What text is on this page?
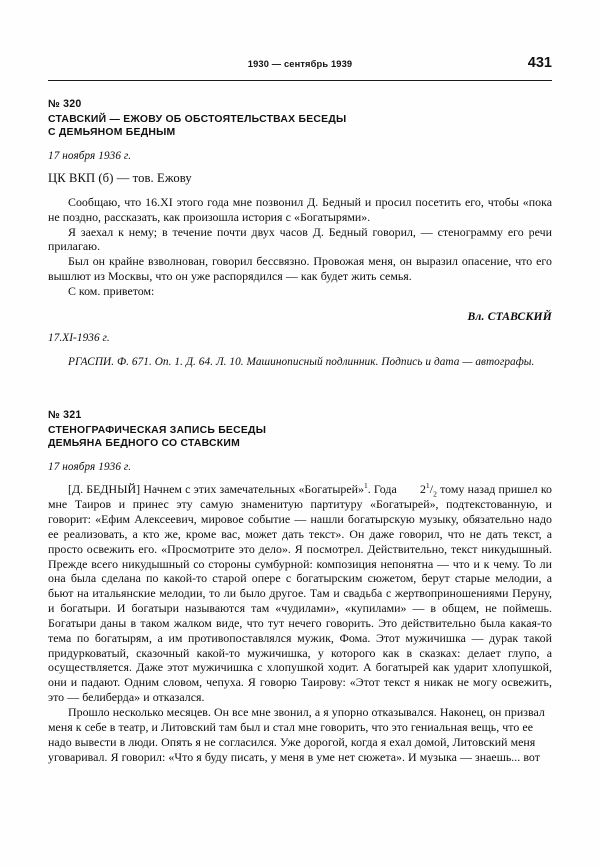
1930 — сентябрь 1939	431
№ 320
СТАВСКИЙ — ЕЖОВУ ОБ ОБСТОЯТЕЛЬСТВАХ БЕСЕДЫ
С ДЕМЬЯНОМ БЕДНЫМ
17 ноября 1936 г.
ЦК ВКП (б) — тов. Ежову

Сообщаю, что 16.XI этого года мне позвонил Д. Бедный и просил посетить его, чтобы «пока не поздно, рассказать, как произошла история с «Богатырями».

Я заехал к нему; в течение почти двух часов Д. Бедный говорил, — стенограмму его речи прилагаю.

Был он крайне взволнован, говорил бессвязно. Провожая меня, он выразил опасение, что его вышлют из Москвы, что он уже распорядился — как будет жить семья.

С ком. приветом:
Вл. СТАВСКИЙ
17.XI-1936 г.
РГАСПИ. Ф. 671. Оп. 1. Д. 64. Л. 10. Машинописный подлинник. Подпись и дата — автографы.
№ 321
СТЕНОГРАФИЧЕСКАЯ ЗАПИСЬ БЕСЕДЫ
ДЕМЬЯНА БЕДНОГО СО СТАВСКИМ
17 ноября 1936 г.

[Д. БЕДНЫЙ] Начнем с этих замечательных «Богатырей»$^1$. Года $2^1/_2$ тому назад пришел ко мне Таиров и принес эту самую знаменитую партитуру «Богатырей», подтекстованную, и говорит: «Ефим Алексеевич, мировое событие — нашли богатырскую музыку, обязательно надо ее реализовать, а кто же, кроме вас, может дать текст». Он даже говорил, что не дать текст, а просто освежить его. «Просмотрите это дело». Я посмотрел. Действительно, текст никудышный. Прежде всего никудышный со стороны сумбурной: композиция непонятна — что и к чему. То ли она была сделана по какой-то старой опере с богатырским сюжетом, берут старые мелодии, а бьют на итальянские мелодии, то ли было другое. Там и свадьба с жертвоприношениями Перуну, и богатыри. И богатыри называются там «чудилами», «купилами» — в общем, не поймешь. Богатыри даны в таком жалком виде, что тут нечего говорить. Это действительно была какая-то тема по богатырям, а им противопоставлялся мужик, Фома. Этот мужичишка — дурак такой придурковатый, сказочный какой-то мужичишка, у которого как в сказках: делает глупо, а осуществляется. Даже этот мужичишка с хлопушкой ходит. А богатырей как ударит хлопушкой, они и падают. Одним словом, чепуха. Я говорю Таирову: «Этот текст я никак не могу освежить, это — белиберда» и отказался.

Прошло несколько месяцев. Он все мне звонил, а я упорно отказывался. Наконец, он призвал меня к себе в театр, и Литовский там был и стал мне говорить, что это гениальная вещь, что ее надо вывести в люди. Опять я не согласился. Уже дорогой, когда я ехал домой, Литовский меня уговаривал. Я говорил: «Что я буду писать, у меня в уме нет сюжета». И музыка — знаешь... вот
